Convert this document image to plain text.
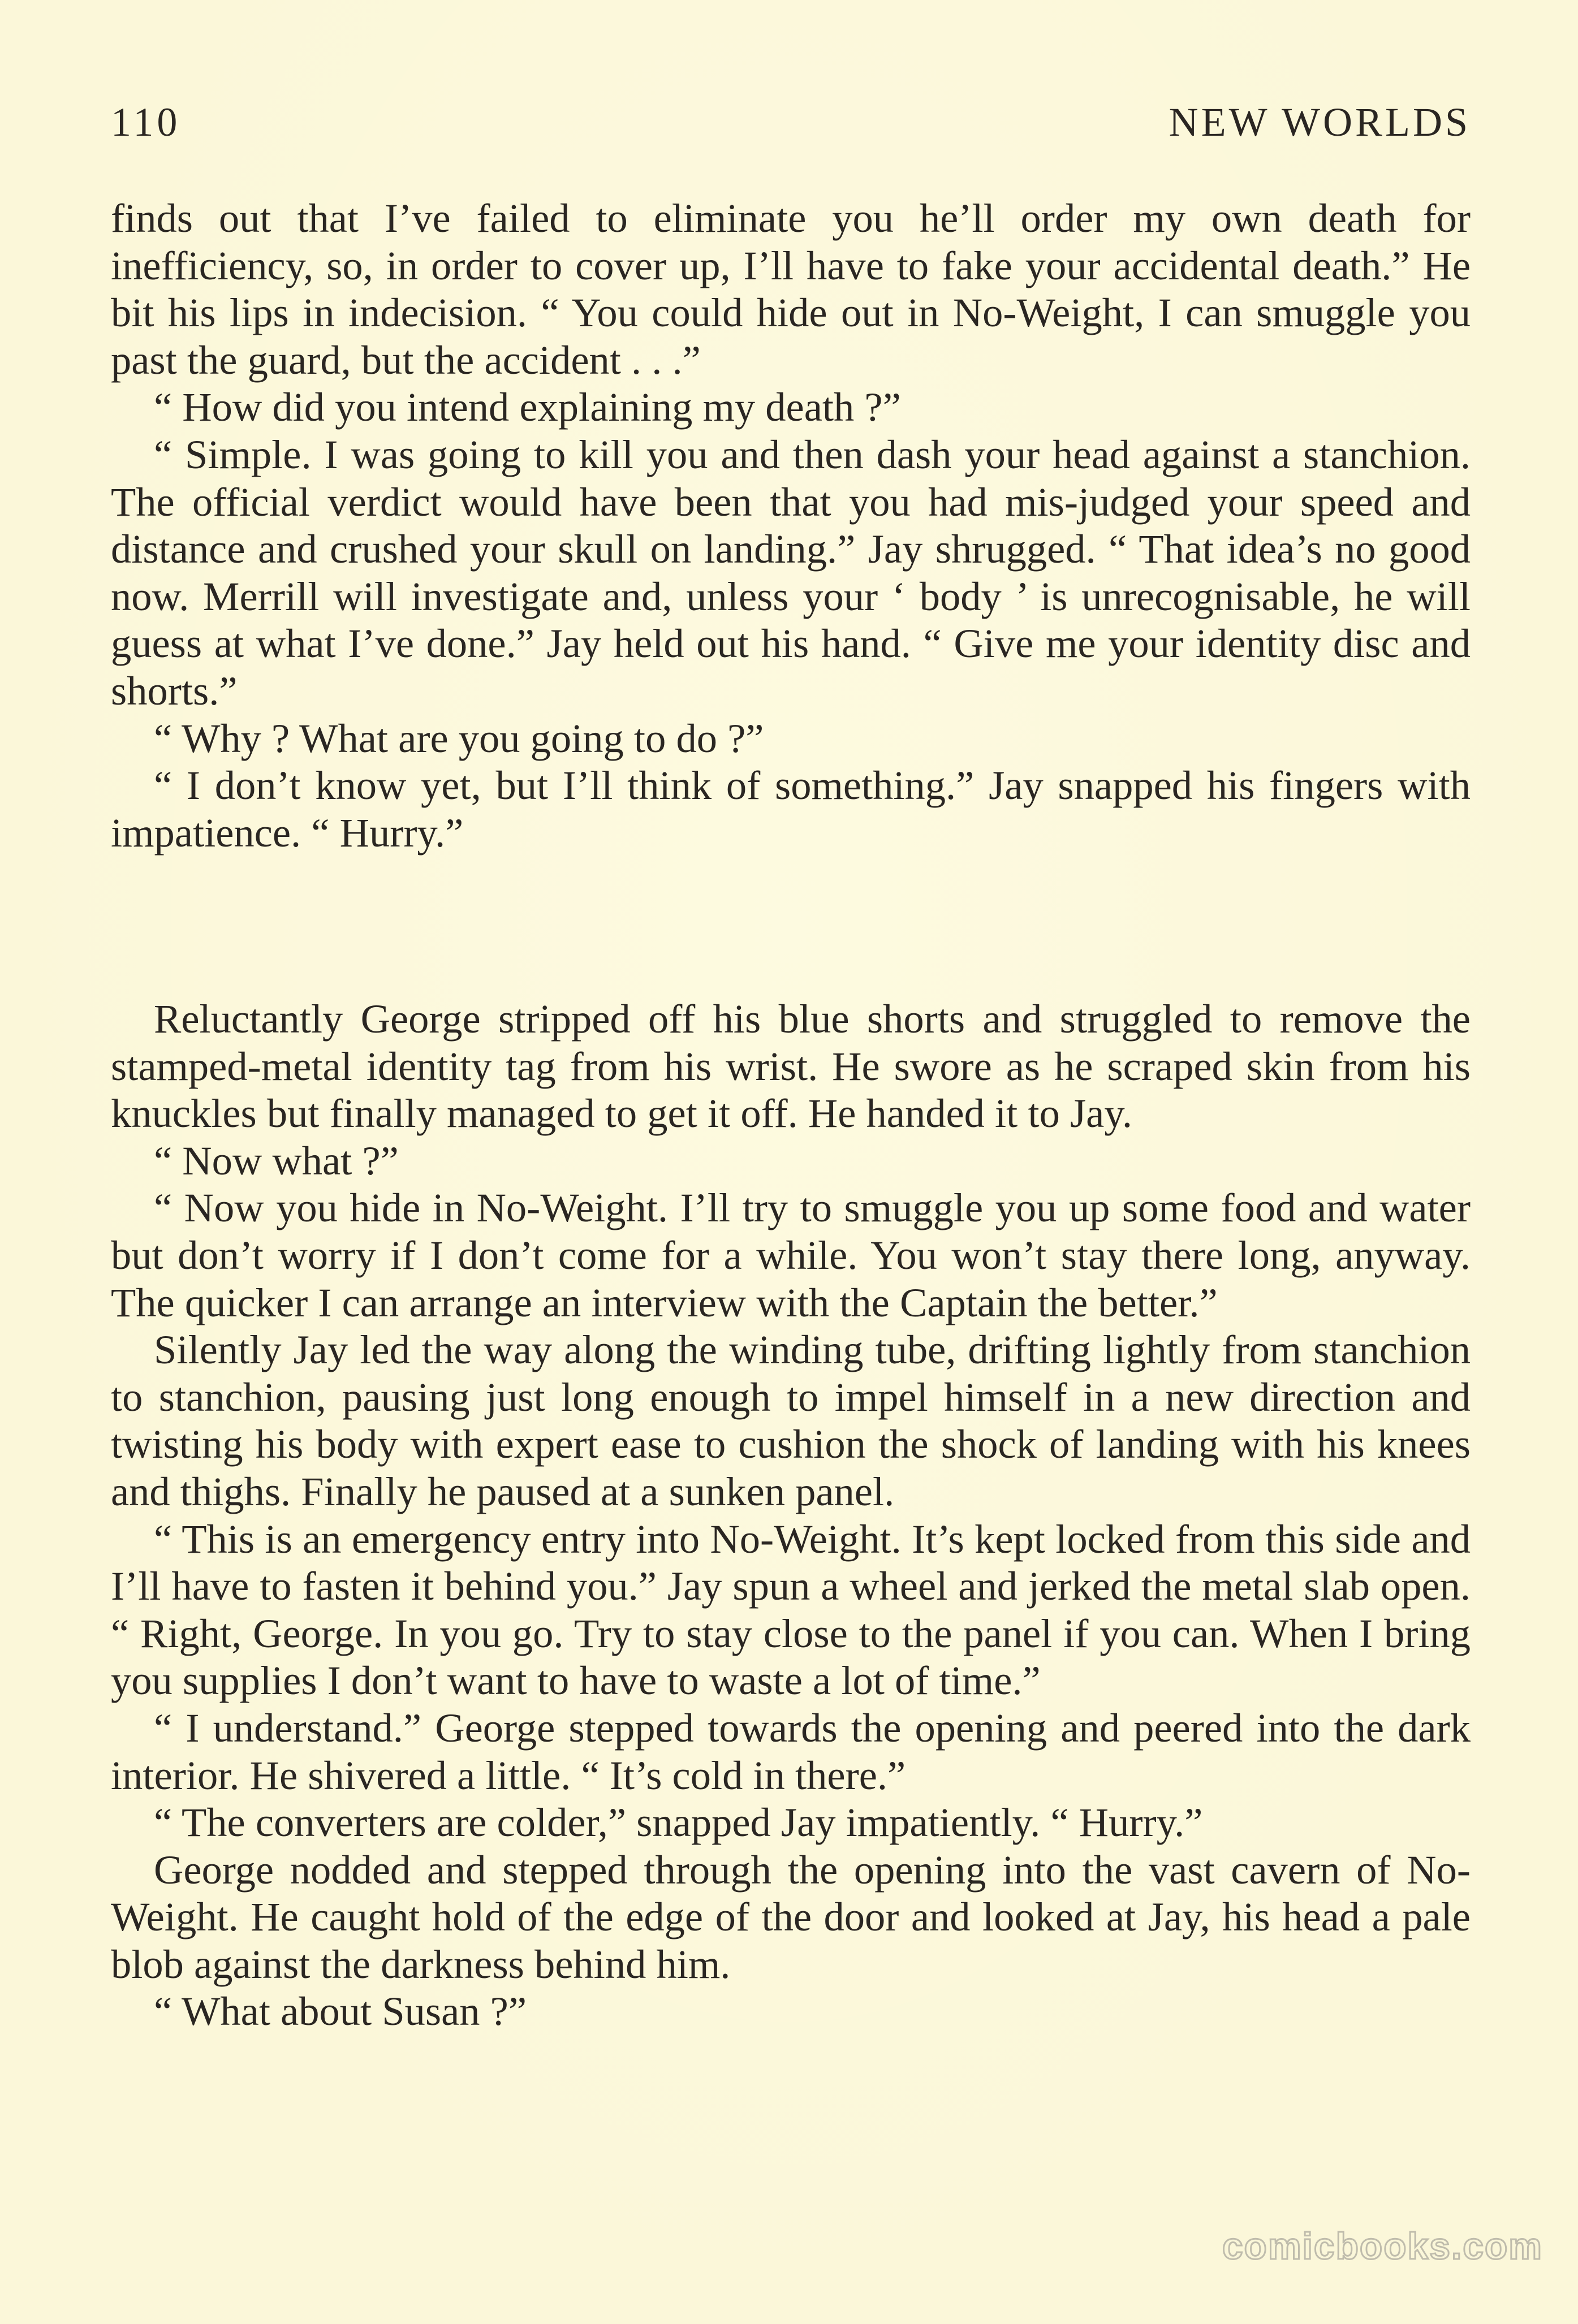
110	NEW WORLDS

finds out that I’ve failed to eliminate you he’ll order my own death for inefficiency, so, in order to cover up, I’ll have to fake your accidental death.” He bit his lips in indecision. “ You could hide out in No-Weight, I can smuggle you past the guard, but the accident . . .”

“ How did you intend explaining my death ?”

“ Simple. I was going to kill you and then dash your head against a stanchion. The official verdict would have been that you had mis-judged your speed and distance and crushed your skull on landing.” Jay shrugged. “ That idea’s no good now. Merrill will investigate and, unless your ‘ body ’ is unrecognisable, he will guess at what I’ve done.” Jay held out his hand. “ Give me your identity disc and shorts.”

“ Why ? What are you going to do ?”

“ I don’t know yet, but I’ll think of something.” Jay snapped his fingers with impatience. “ Hurry.”

Reluctantly George stripped off his blue shorts and struggled to remove the stamped-metal identity tag from his wrist. He swore as he scraped skin from his knuckles but finally managed to get it off. He handed it to Jay.

“ Now what ?”

“ Now you hide in No-Weight. I’ll try to smuggle you up some food and water but don’t worry if I don’t come for a while. You won’t stay there long, anyway. The quicker I can arrange an interview with the Captain the better.”

Silently Jay led the way along the winding tube, drifting lightly from stanchion to stanchion, pausing just long enough to impel himself in a new direction and twisting his body with expert ease to cushion the shock of landing with his knees and thighs. Finally he paused at a sunken panel.

“ This is an emergency entry into No-Weight. It’s kept locked from this side and I’ll have to fasten it behind you.” Jay spun a wheel and jerked the metal slab open. “ Right, George. In you go. Try to stay close to the panel if you can. When I bring you supplies I don’t want to have to waste a lot of time.”

“ I understand.” George stepped towards the opening and peered into the dark interior. He shivered a little. “ It’s cold in there.”

“ The converters are colder,” snapped Jay impatiently. “ Hurry.”

George nodded and stepped through the opening into the vast cavern of No-Weight. He caught hold of the edge of the door and looked at Jay, his head a pale blob against the darkness behind him.

“ What about Susan ?”

comicbooks.com
